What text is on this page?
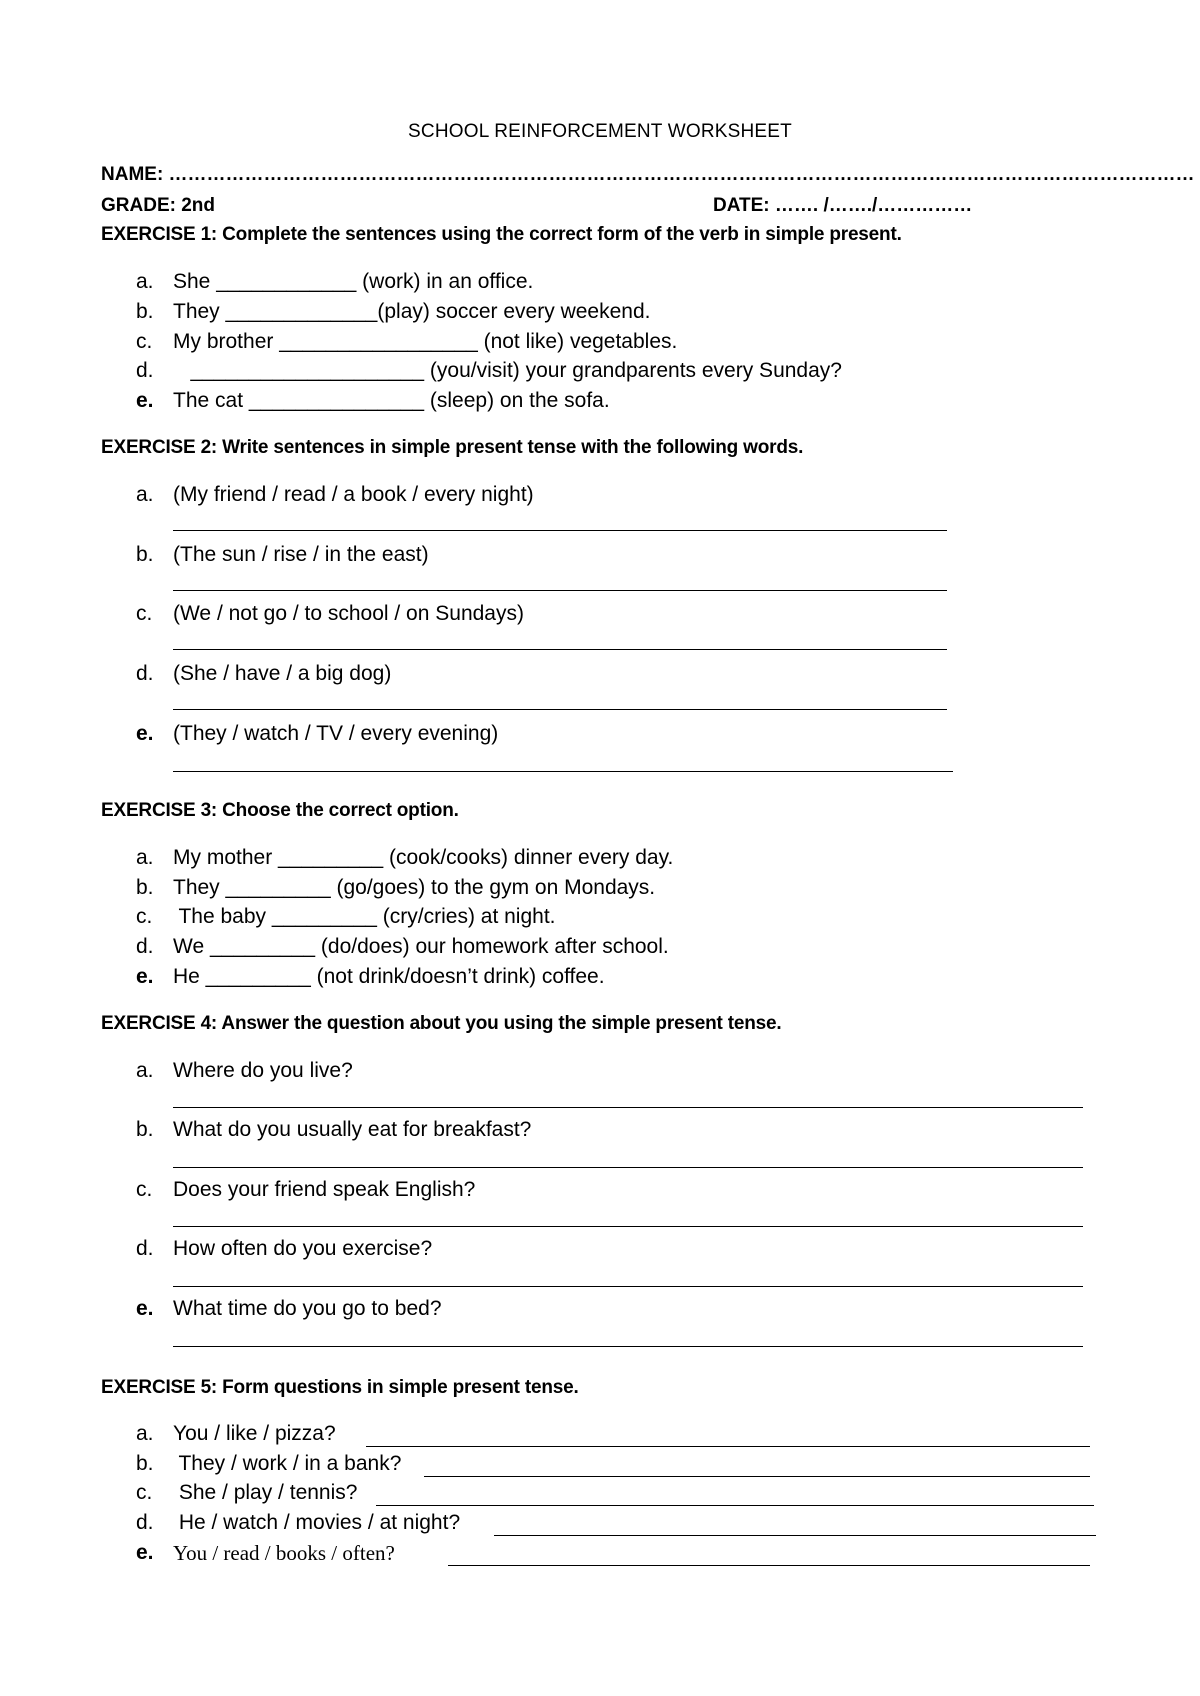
SCHOOL REINFORCEMENT WORKSHEET
NAME: ………………………………………………………………………………………………………………………………………………
GRADE: 2nd	DATE: ……. /……./……………
EXERCISE 1: Complete the sentences using the correct form of the verb in simple present.
a. She ____________ (work) in an office.
b. They _____________(play) soccer every weekend.
c. My brother _________________ (not like) vegetables.
d. ____________________ (you/visit) your grandparents every Sunday?
e. The cat _______________ (sleep) on the sofa.
EXERCISE 2: Write sentences in simple present tense with the following words.
a. (My friend / read / a book / every night)
b. (The sun / rise / in the east)
c. (We / not go / to school / on Sundays)
d. (She / have / a big dog)
e. (They / watch / TV / every evening)
EXERCISE 3: Choose the correct option.
a. My mother _________ (cook/cooks) dinner every day.
b. They _________ (go/goes) to the gym on Mondays.
c. The baby _________ (cry/cries) at night.
d. We _________ (do/does) our homework after school.
e. He _________ (not drink/doesn’t drink) coffee.
EXERCISE 4: Answer the question about you using the simple present tense.
a. Where do you live?
b. What do you usually eat for breakfast?
c. Does your friend speak English?
d. How often do you exercise?
e. What time do you go to bed?
EXERCISE 5: Form questions in simple present tense.
a. You / like / pizza?
b. They / work / in a bank?
c. She / play / tennis?
d. He / watch / movies / at night?
e. You / read / books / often?
